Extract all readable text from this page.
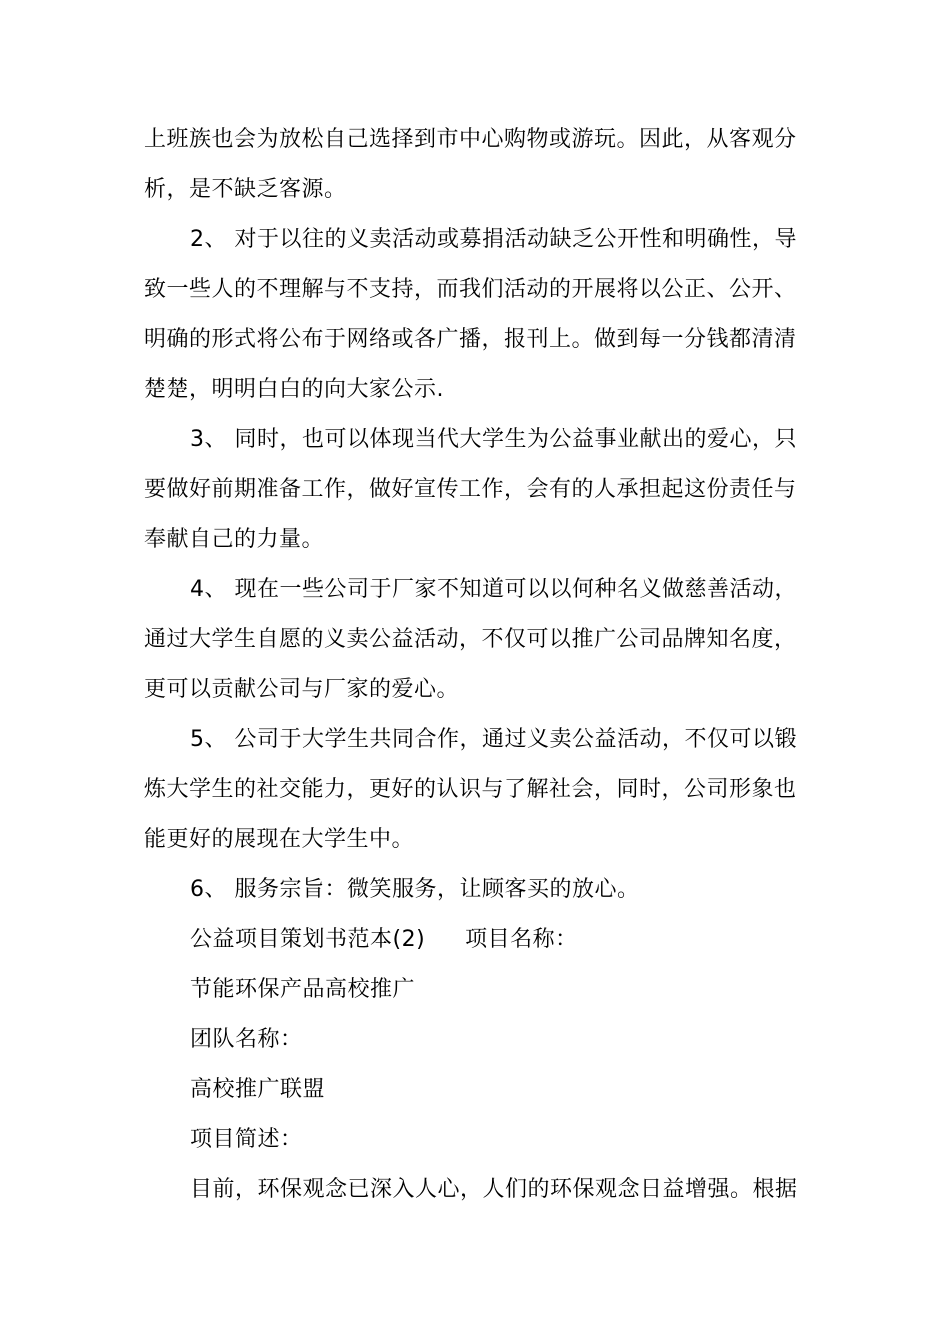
上班族也会为放松自己选择到市中心购物或游玩。因此，从客观分
析，是不缺乏客源。
2、 对于以往的义卖活动或募捐活动缺乏公开性和明确性，导
致一些人的不理解与不支持，而我们活动的开展将以公正、公开、
明确的形式将公布于网络或各广播，报刊上。做到每一分钱都清清
楚楚，明明白白的向大家公示.
3、 同时，也可以体现当代大学生为公益事业献出的爱心，只
要做好前期准备工作，做好宣传工作，会有的人承担起这份责任与
奉献自己的力量。
4、 现在一些公司于厂家不知道可以以何种名义做慈善活动，
通过大学生自愿的义卖公益活动，不仅可以推广公司品牌知名度，
更可以贡献公司与厂家的爱心。
5、 公司于大学生共同合作，通过义卖公益活动，不仅可以锻
炼大学生的社交能力，更好的认识与了解社会，同时，公司形象也
能更好的展现在大学生中。
6、 服务宗旨：微笑服务，让顾客买的放心。
公益项目策划书范本(2) 项目名称：
节能环保产品高校推广
团队名称：
高校推广联盟
项目简述：
目前，环保观念已深入人心，人们的环保观念日益增强。根据
